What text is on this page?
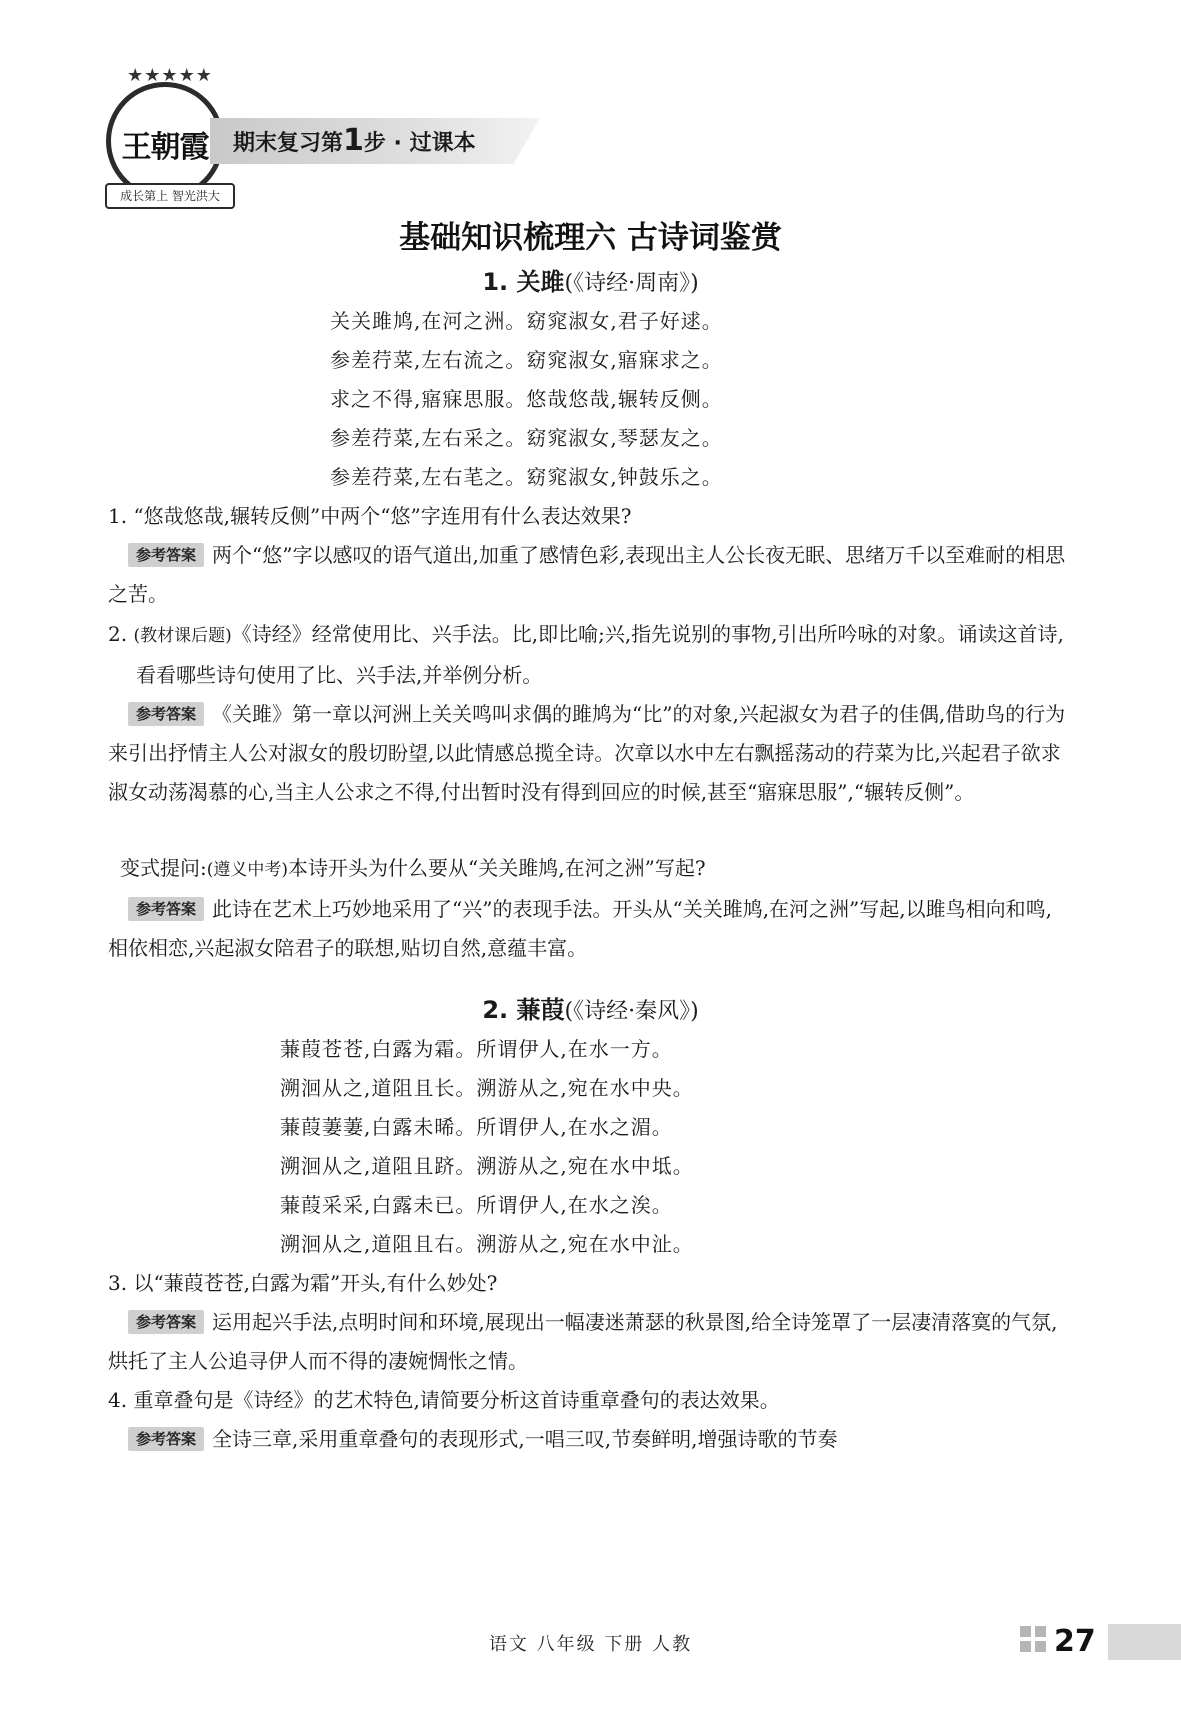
★★★★★
王朝霞
成长第上 智光洪大
期末复习第1步 · 过课本
基础知识梳理六 古诗词鉴赏
1. 关雎(《诗经·周南》)
关关雎鸠,在河之洲。窈窕淑女,君子好逑。
参差荇菜,左右流之。窈窕淑女,寤寐求之。
求之不得,寤寐思服。悠哉悠哉,辗转反侧。
参差荇菜,左右采之。窈窕淑女,琴瑟友之。
参差荇菜,左右芼之。窈窕淑女,钟鼓乐之。
1. “悠哉悠哉,辗转反侧”中两个“悠”字连用有什么表达效果?
参考答案 两个“悠”字以感叹的语气道出,加重了感情色彩,表现出主人公长夜无眠、思绪万千以至难耐的相思之苦。
2. (教材课后题)《诗经》经常使用比、兴手法。比,即比喻;兴,指先说别的事物,引出所吟咏的对象。诵读这首诗,看看哪些诗句使用了比、兴手法,并举例分析。
参考答案 《关雎》第一章以河洲上关关鸣叫求偶的雎鸠为“比”的对象,兴起淑女为君子的佳偶,借助鸟的行为来引出抒情主人公对淑女的殷切盼望,以此情感总揽全诗。次章以水中左右飘摇荡动的荇菜为比,兴起君子欲求淑女动荡渴慕的心,当主人公求之不得,付出暂时没有得到回应的时候,甚至“寤寐思服”,“辗转反侧”。
变式提问:(遵义中考)本诗开头为什么要从“关关雎鸠,在河之洲”写起?
参考答案 此诗在艺术上巧妙地采用了“兴”的表现手法。开头从“关关雎鸠,在河之洲”写起,以雎鸟相向和鸣,相依相恋,兴起淑女陪君子的联想,贴切自然,意蕴丰富。
2. 蒹葭(《诗经·秦风》)
蒹葭苍苍,白露为霜。所谓伊人,在水一方。
溯洄从之,道阻且长。溯游从之,宛在水中央。
蒹葭萋萋,白露未晞。所谓伊人,在水之湄。
溯洄从之,道阻且跻。溯游从之,宛在水中坻。
蒹葭采采,白露未已。所谓伊人,在水之涘。
溯洄从之,道阻且右。溯游从之,宛在水中沚。
3. 以“蒹葭苍苍,白露为霜”开头,有什么妙处?
参考答案 运用起兴手法,点明时间和环境,展现出一幅凄迷萧瑟的秋景图,给全诗笼罩了一层凄清落寞的气氛,烘托了主人公追寻伊人而不得的凄婉惆怅之情。
4. 重章叠句是《诗经》的艺术特色,请简要分析这首诗重章叠句的表达效果。
参考答案 全诗三章,采用重章叠句的表现形式,一唱三叹,节奏鲜明,增强诗歌的节奏
语文 八年级 下册 人教	27
